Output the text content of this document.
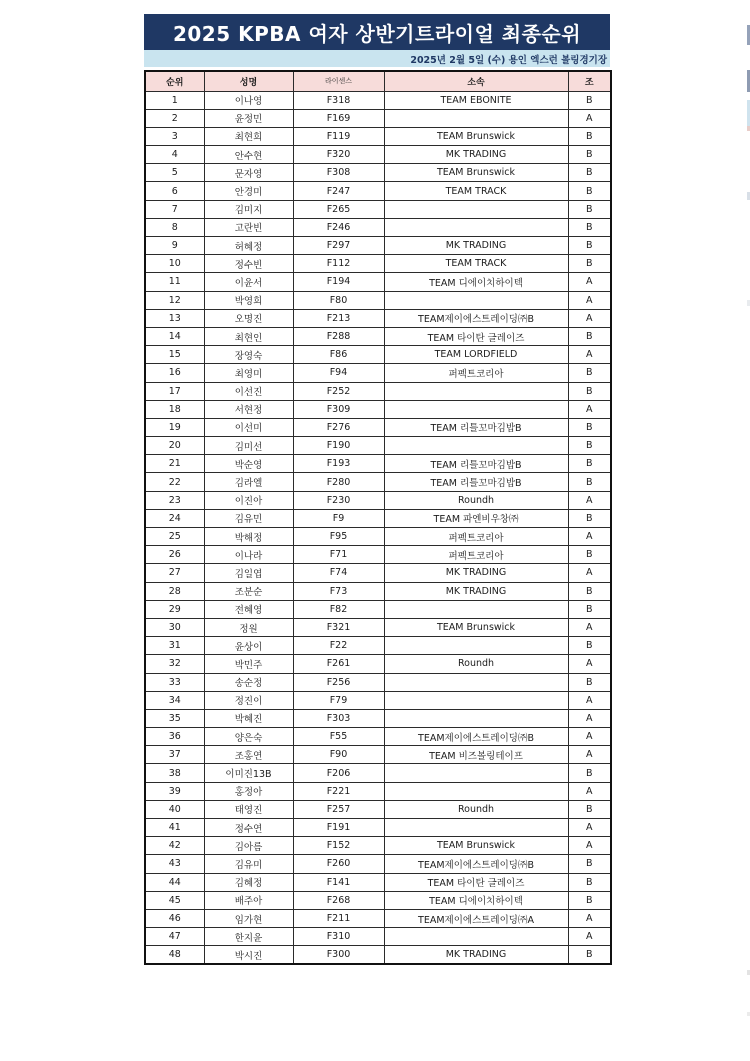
2025 KPBA 여자 상반기트라이얼 최종순위
2025년 2월 5일 (수) 용인 엑스런 볼링경기장
순위	성명	라이센스	소속	조
1	이나영	F318	TEAM EBONITE	B
2	윤정민	F169		A
3	최현희	F119	TEAM Brunswick	B
4	안수현	F320	MK TRADING	B
5	문자영	F308	TEAM Brunswick	B
6	안경미	F247	TEAM TRACK	B
7	김미지	F265		B
8	고란빈	F246		B
9	허혜정	F297	MK TRADING	B
10	정수빈	F112	TEAM TRACK	B
11	이윤서	F194	TEAM 디에이치하이텍	A
12	박영희	F80		A
13	오명진	F213	TEAM제이에스트레이딩㈜B	A
14	최현인	F288	TEAM 타이탄 글레이즈	B
15	장영숙	F86	TEAM LORDFIELD	A
16	최영미	F94	퍼펙트코리아	B
17	이선진	F252		B
18	서현정	F309		A
19	이선미	F276	TEAM 리틀꼬마김밥B	B
20	김미선	F190		B
21	박순영	F193	TEAM 리틀꼬마김밥B	B
22	김라엘	F280	TEAM 리틀꼬마김밥B	B
23	이진아	F230	Roundh	A
24	김유민	F9	TEAM 파엔비우창㈜	B
25	박해정	F95	퍼펙트코리아	A
26	이나라	F71	퍼펙트코리아	B
27	김일엽	F74	MK TRADING	A
28	조분순	F73	MK TRADING	B
29	전혜영	F82		B
30	정원	F321	TEAM Brunswick	A
31	윤상이	F22		B
32	박민주	F261	Roundh	A
33	송순정	F256		B
34	정진이	F79		A
35	박혜진	F303		A
36	양은숙	F55	TEAM제이에스트레이딩㈜B	A
37	조홍연	F90	TEAM 비즈볼링테이프	A
38	이미진13B	F206		B
39	홍정아	F221		A
40	태영진	F257	Roundh	B
41	정수연	F191		A
42	김아름	F152	TEAM Brunswick	A
43	김유미	F260	TEAM제이에스트레이딩㈜B	B
44	김혜정	F141	TEAM 타이탄 글레이즈	B
45	배주아	F268	TEAM 디에이치하이텍	B
46	임가현	F211	TEAM제이에스트레이딩㈜A	A
47	한지윤	F310		A
48	박시진	F300	MK TRADING	B
